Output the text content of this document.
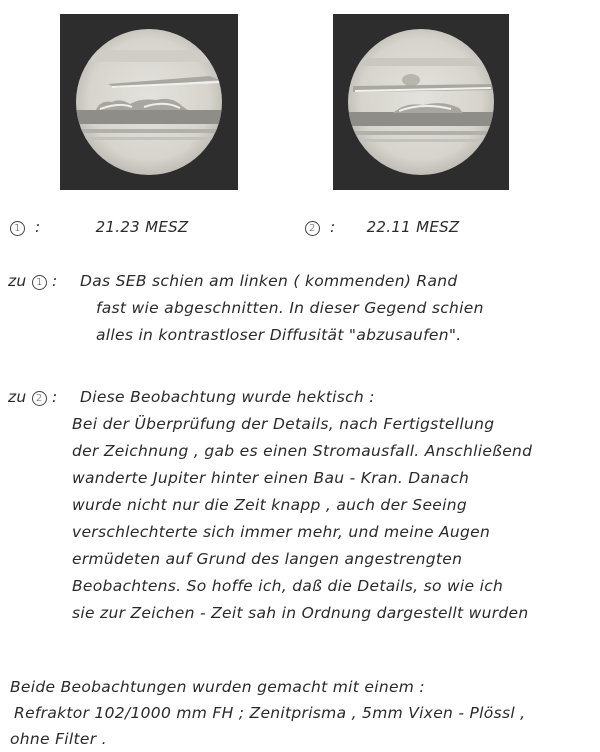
1  :	21.23 MESZ	2  : 22.11 MESZ
zu 1 : Das SEB schien am linken ( kommenden) Rand
fast wie abgeschnitten. In dieser Gegend schien
alles in kontrastloser Diffusität "abzusaufen".
zu 2 : Diese Beobachtung wurde hektisch :
Bei der Überprüfung der Details, nach Fertigstellung
der Zeichnung , gab es einen Stromausfall. Anschließend
wanderte Jupiter hinter einen Bau - Kran. Danach
wurde nicht nur die Zeit knapp , auch der Seeing
verschlechterte sich immer mehr, und meine Augen
ermüdeten auf Grund des langen angestrengten
Beobachtens. So hoffe ich, daß die Details, so wie ich
sie zur Zeichen - Zeit sah in Ordnung dargestellt wurden
Beide Beobachtungen wurden gemacht mit einem :
Refraktor 102/1000 mm FH ; Zenitprisma , 5mm Vixen - Plössl ,
ohne Filter .
